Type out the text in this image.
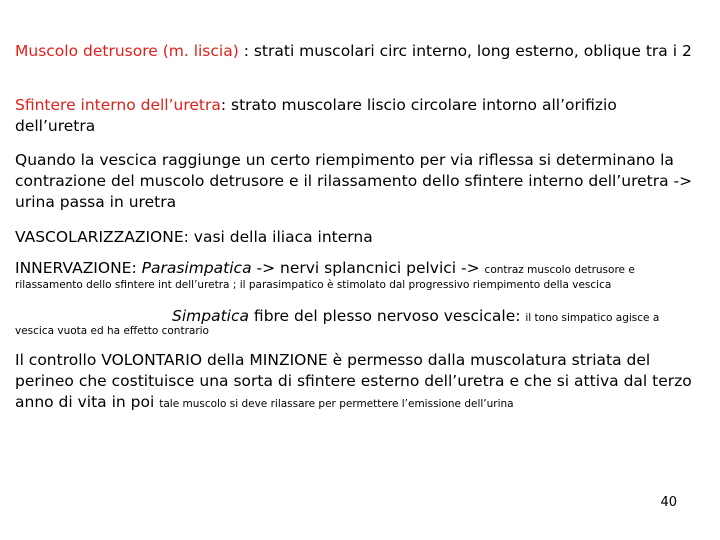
Muscolo detrusore (m. liscia) : strati muscolari circ interno, long esterno, oblique tra i 2
Sfintere interno dell’uretra: strato muscolare liscio circolare intorno all’orifizio dell’uretra
Quando la vescica raggiunge un certo riempimento per via riflessa si determinano la contrazione del muscolo detrusore e il rilassamento dello sfintere interno dell’uretra -> urina passa in uretra
VASCOLARIZZAZIONE: vasi della iliaca interna
INNERVAZIONE: Parasimpatica -> nervi splancnici pelvici -> contraz muscolo detrusore e
rilassamento dello sfintere int dell’uretra ; il parasimpatico è stimolato dal progressivo riempimento della vescica
Simpatica fibre del plesso nervoso vescicale: il tono simpatico agisce a
vescica vuota ed ha effetto contrario
Il controllo VOLONTARIO della MINZIONE è permesso dalla muscolatura striata del perineo che costituisce una sorta di sfintere esterno dell’uretra e che si attiva dal terzo anno di vita in poi tale muscolo si deve rilassare per permettere l’emissione dell’urina
40
